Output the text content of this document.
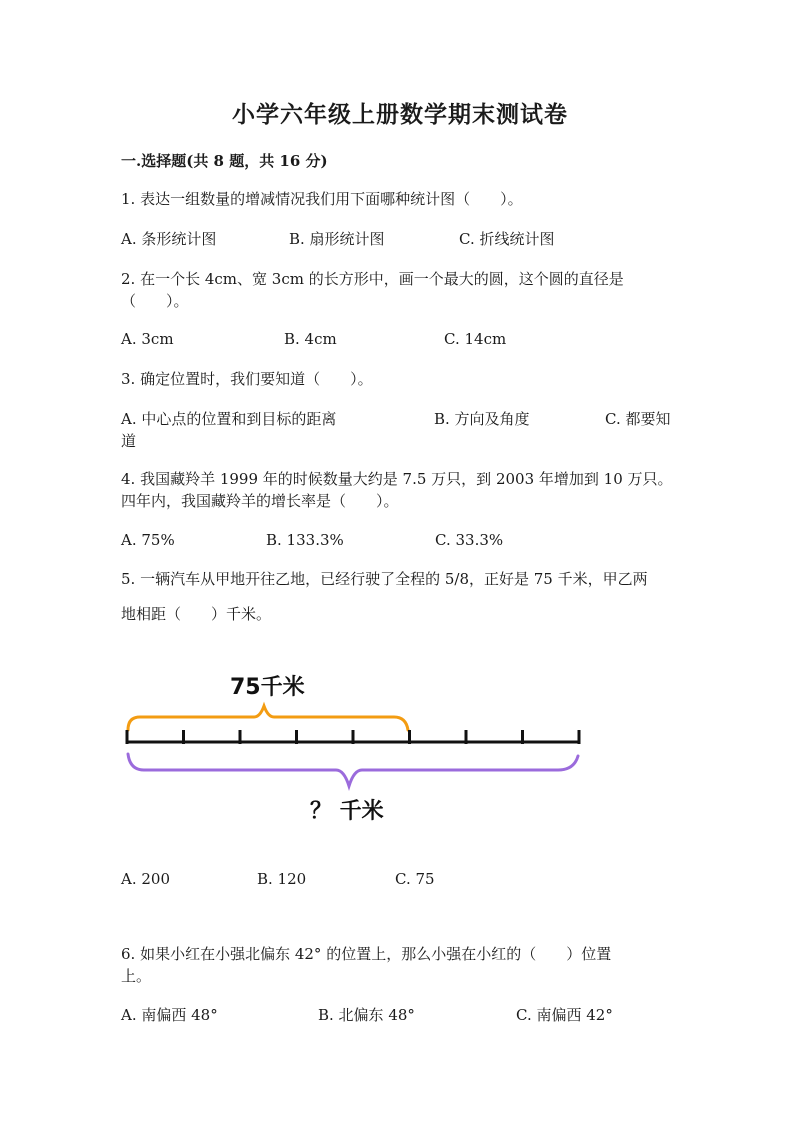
小学六年级上册数学期末测试卷
一.选择题(共 8 题，共 16 分)
1. 表达一组数量的增减情况我们用下面哪种统计图（　　）。
A. 条形统计图	B. 扇形统计图	C. 折线统计图
2. 在一个长 4cm、宽 3cm 的长方形中，画一个最大的圆，这个圆的直径是
（　　）。
A. 3cm	B. 4cm	C. 14cm
3. 确定位置时，我们要知道（　　）。
A. 中心点的位置和到目标的距离	B. 方向及角度	C. 都要知
道
4. 我国藏羚羊 1999 年的时候数量大约是 7.5 万只，到 2003 年增加到 10 万只。
四年内，我国藏羚羊的增长率是（　　）。
A. 75%	B. 133.3%	C. 33.3%
5. 一辆汽车从甲地开往乙地，已经行驶了全程的 5/8，正好是 75 千米，甲乙两
地相距（　　）千米。
75千米
？ 千米
A. 200	B. 120	C. 75
6. 如果小红在小强北偏东 42° 的位置上，那么小强在小红的（　　）位置
上。
A. 南偏西 48°	B. 北偏东 48°	C. 南偏西 42°
